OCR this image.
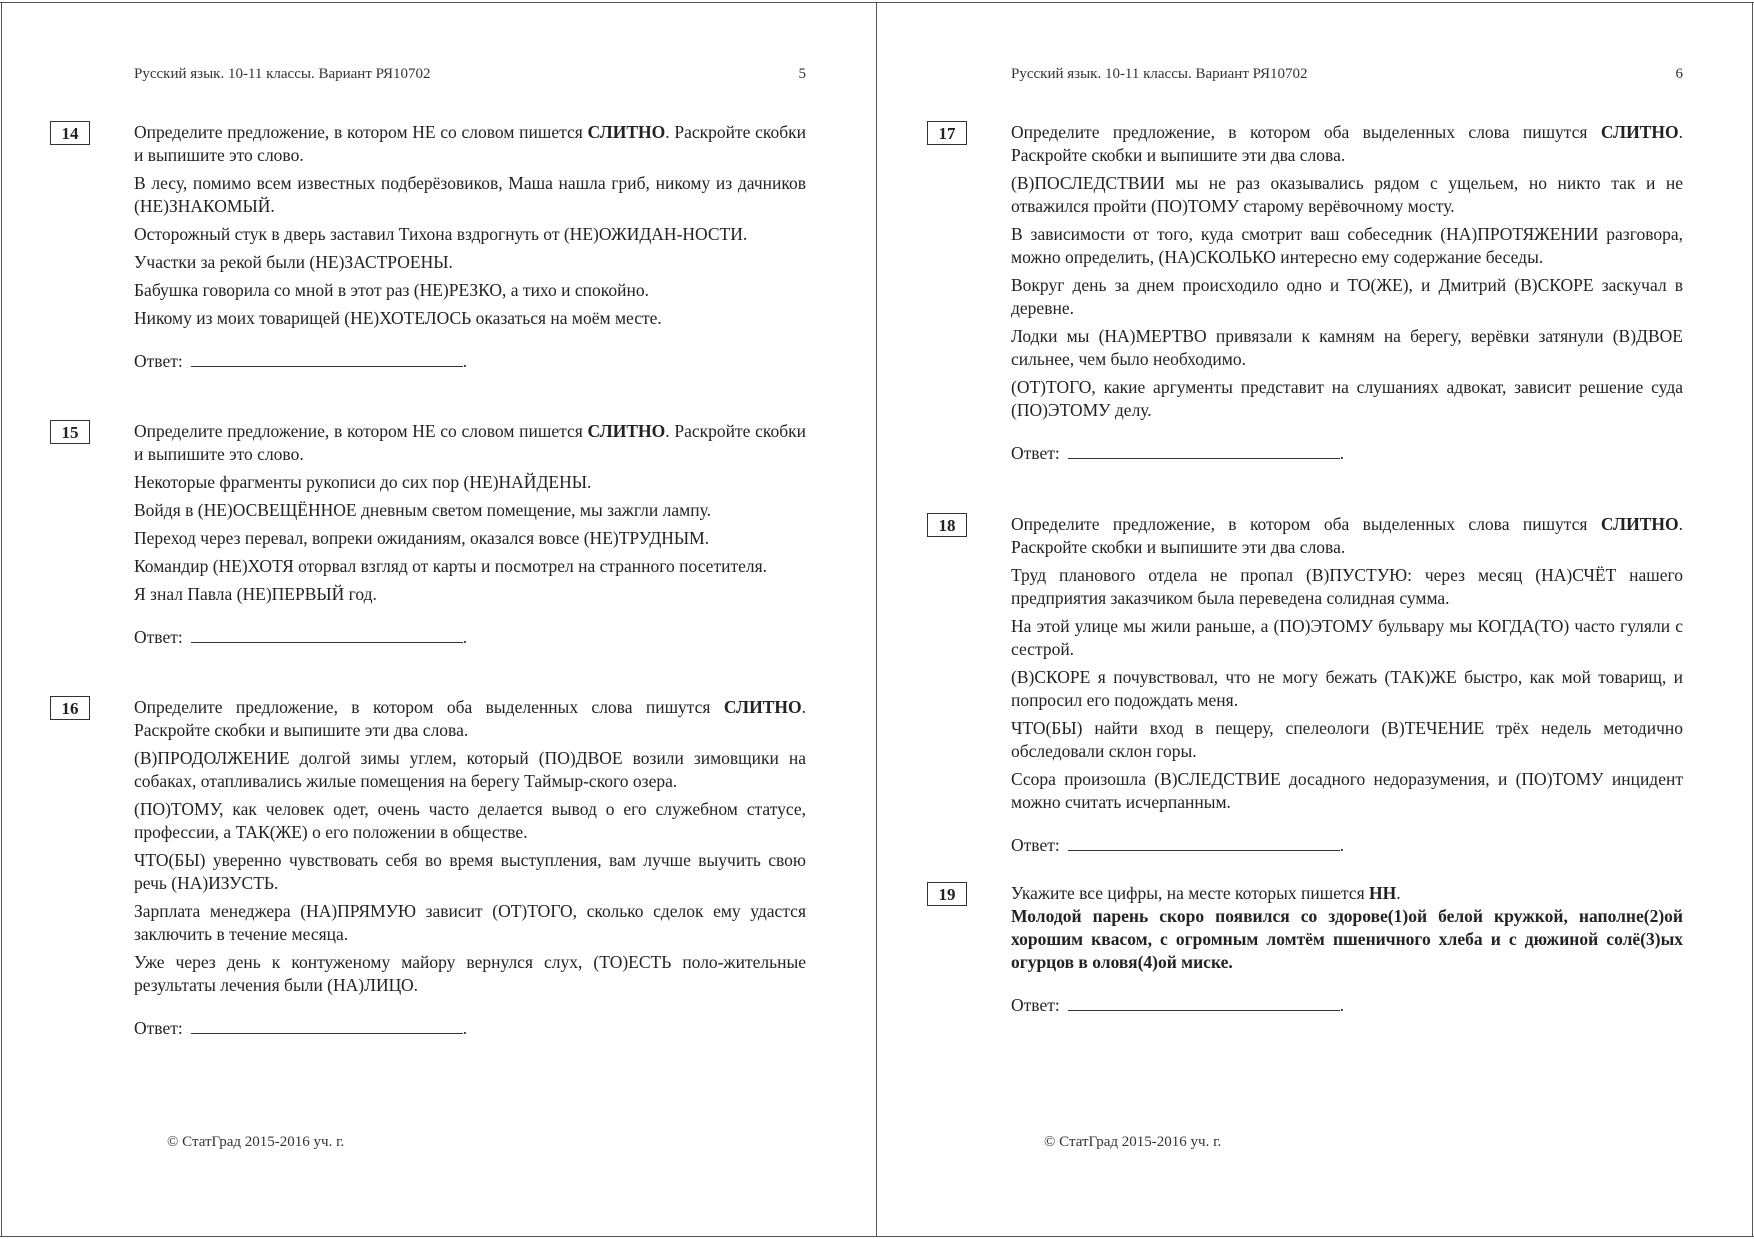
Русский язык. 10-11 классы. Вариант РЯ10702	5
14	Определите предложение, в котором НЕ со словом пишется СЛИТНО. Раскройте скобки и выпишите это слово.

В лесу, помимо всем известных подберёзовиков, Маша нашла гриб, никому из дачников (НЕ)ЗНАКОМЫЙ.

Осторожный стук в дверь заставил Тихона вздрогнуть от (НЕ)ОЖИДАН-НОСТИ.

Участки за рекой были (НЕ)ЗАСТРОЕНЫ.

Бабушка говорила со мной в этот раз (НЕ)РЕЗКО, а тихо и спокойно.

Никому из моих товарищей (НЕ)ХОТЕЛОСЬ оказаться на моём месте.

Ответ:	.
15	Определите предложение, в котором НЕ со словом пишется СЛИТНО. Раскройте скобки и выпишите это слово.

Некоторые фрагменты рукописи до сих пор (НЕ)НАЙДЕНЫ.

Войдя в (НЕ)ОСВЕЩЁННОЕ дневным светом помещение, мы зажгли лампу.

Переход через перевал, вопреки ожиданиям, оказался вовсе (НЕ)ТРУДНЫМ.

Командир (НЕ)ХОТЯ оторвал взгляд от карты и посмотрел на странного посетителя.

Я знал Павла (НЕ)ПЕРВЫЙ год.

Ответ:	.
16	Определите предложение, в котором оба выделенных слова пишутся СЛИТНО. Раскройте скобки и выпишите эти два слова.

(В)ПРОДОЛЖЕНИЕ долгой зимы углем, который (ПО)ДВОЕ возили зимовщики на собаках, отапливались жилые помещения на берегу Таймыр-ского озера.

(ПО)ТОМУ, как человек одет, очень часто делается вывод о его служебном статусе, профессии, а ТАК(ЖЕ) о его положении в обществе.

ЧТО(БЫ) уверенно чувствовать себя во время выступления, вам лучше выучить свою речь (НА)ИЗУСТЬ.

Зарплата менеджера (НА)ПРЯМУЮ зависит (ОТ)ТОГО, сколько сделок ему удастся заключить в течение месяца.

Уже через день к контуженому майору вернулся слух, (ТО)ЕСТЬ поло-жительные результаты лечения были (НА)ЛИЦО.

Ответ:	.
© СтатГрад 2015-2016 уч. г.
Русский язык. 10-11 классы. Вариант РЯ10702	6
17	Определите предложение, в котором оба выделенных слова пишутся СЛИТНО. Раскройте скобки и выпишите эти два слова.

(В)ПОСЛЕДСТВИИ мы не раз оказывались рядом с ущельем, но никто так и не отважился пройти (ПО)ТОМУ старому верёвочному мосту.

В зависимости от того, куда смотрит ваш собеседник (НА)ПРОТЯЖЕНИИ разговора, можно определить, (НА)СКОЛЬКО интересно ему содержание беседы.

Вокруг день за днем происходило одно и ТО(ЖЕ), и Дмитрий (В)СКОРЕ заскучал в деревне.

Лодки мы (НА)МЕРТВО привязали к камням на берегу, верёвки затянули (В)ДВОЕ сильнее, чем было необходимо.

(ОТ)ТОГО, какие аргументы представит на слушаниях адвокат, зависит решение суда (ПО)ЭТОМУ делу.

Ответ:	.
18	Определите предложение, в котором оба выделенных слова пишутся СЛИТНО. Раскройте скобки и выпишите эти два слова.

Труд планового отдела не пропал (В)ПУСТУЮ: через месяц (НА)СЧЁТ нашего предприятия заказчиком была переведена солидная сумма.

На этой улице мы жили раньше, а (ПО)ЭТОМУ бульвару мы КОГДА(ТО) часто гуляли с сестрой.

(В)СКОРЕ я почувствовал, что не могу бежать (ТАК)ЖЕ быстро, как мой товарищ, и попросил его подождать меня.

ЧТО(БЫ) найти вход в пещеру, спелеологи (В)ТЕЧЕНИЕ трёх недель методично обследовали склон горы.

Ссора произошла (В)СЛЕДСТВИЕ досадного недоразумения, и (ПО)ТОМУ инцидент можно считать исчерпанным.

Ответ:	.
19	Укажите все цифры, на месте которых пишется НН.

Молодой парень скоро появился со здорове(1)ой белой кружкой, наполне(2)ой хорошим квасом, с огромным ломтём пшеничного хлеба и с дюжиной солё(3)ых огурцов в оловя(4)ой миске.

Ответ:	.
© СтатГрад 2015-2016 уч. г.
